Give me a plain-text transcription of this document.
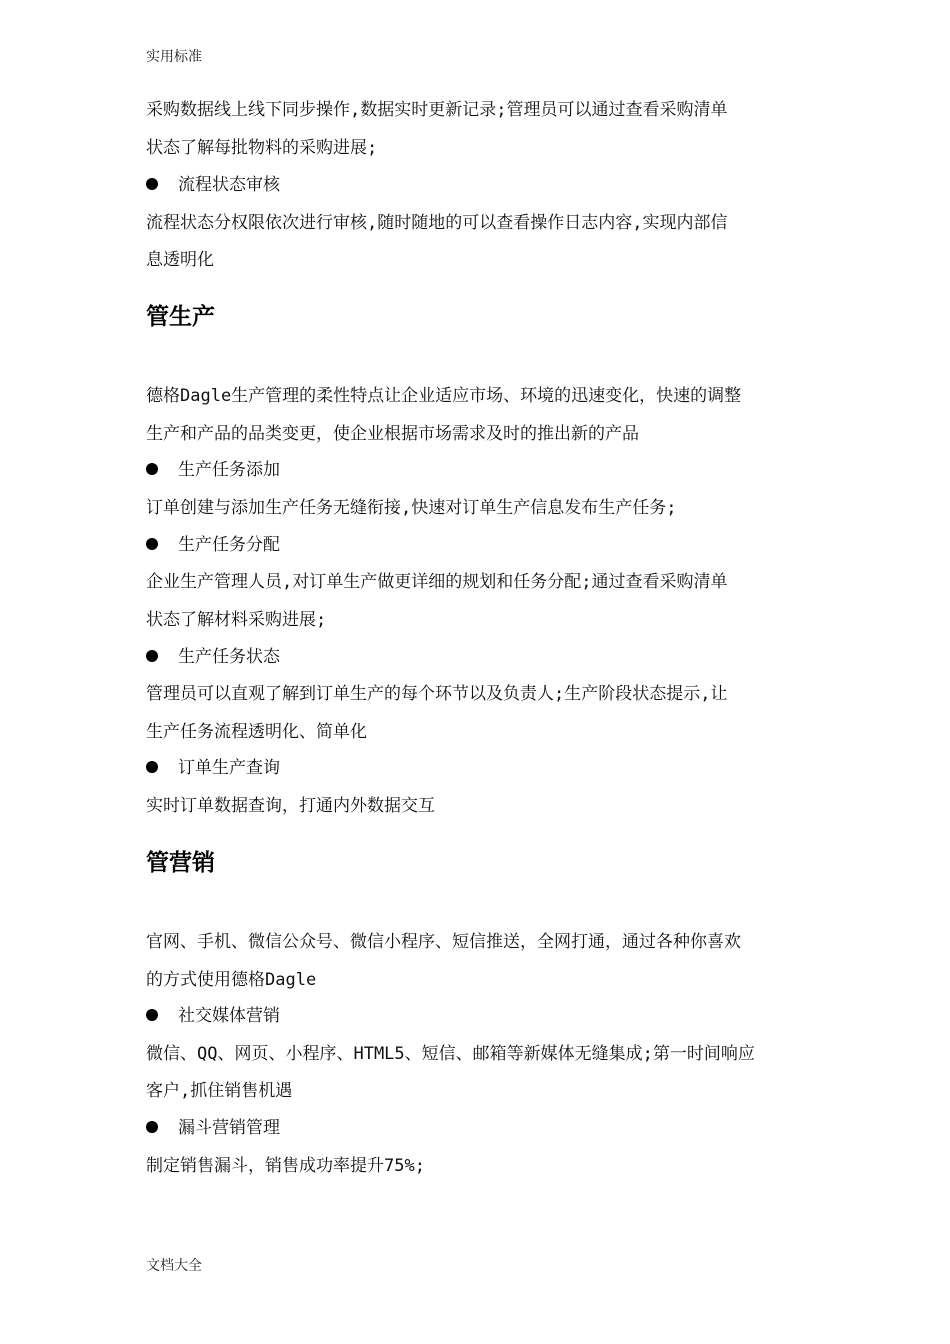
实用标准
采购数据线上线下同步操作,数据实时更新记录;管理员可以通过查看采购清单
状态了解每批物料的采购进展;
流程状态审核
流程状态分权限依次进行审核,随时随地的可以查看操作日志内容,实现内部信
息透明化
管生产
德格Dagle生产管理的柔性特点让企业适应市场、环境的迅速变化，快速的调整
生产和产品的品类变更，使企业根据市场需求及时的推出新的产品
生产任务添加
订单创建与添加生产任务无缝衔接,快速对订单生产信息发布生产任务;
生产任务分配
企业生产管理人员,对订单生产做更详细的规划和任务分配;通过查看采购清单
状态了解材料采购进展;
生产任务状态
管理员可以直观了解到订单生产的每个环节以及负责人;生产阶段状态提示,让
生产任务流程透明化、简单化
订单生产查询
实时订单数据查询，打通内外数据交互
管营销
官网、手机、微信公众号、微信小程序、短信推送，全网打通，通过各种你喜欢
的方式使用德格Dagle
社交媒体营销
微信、QQ、网页、小程序、HTML5、短信、邮箱等新媒体无缝集成;第一时间响应
客户,抓住销售机遇
漏斗营销管理
制定销售漏斗，销售成功率提升75%;
文档大全
